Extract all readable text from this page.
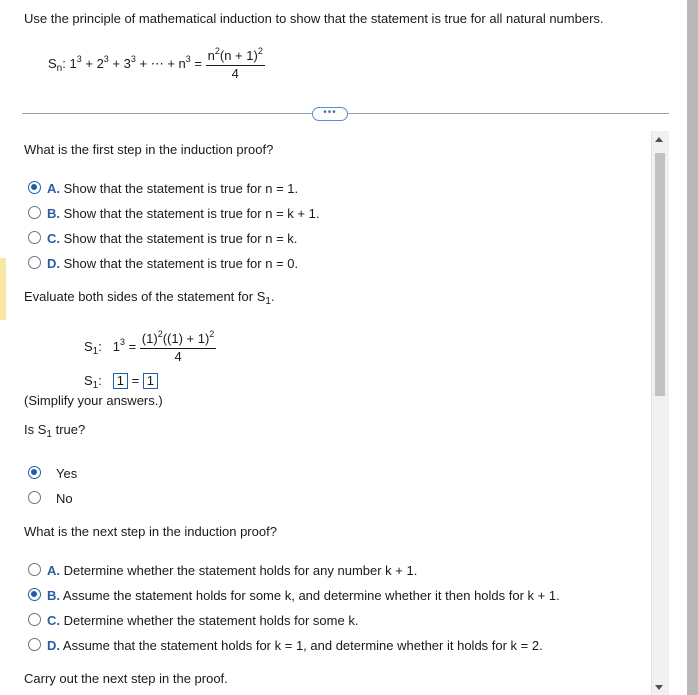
Use the principle of mathematical induction to show that the statement is true for all natural numbers.
$S_n$: $1^3 + 2^3 + 3^3$ + ⋯ + $n^3 = \frac{n^2(n + 1)^2}{4}$
•••
What is the first step in the induction proof?
A. Show that the statement is true for n = 1.
B. Show that the statement is true for n = k + 1.
C. Show that the statement is true for n = k.
D. Show that the statement is true for n = 0.
Evaluate both sides of the statement for $S_1$.
$S_1$: $1^3 = \frac{(1)^2((1) + 1)^2}{4}$
$S_1$: 1 = 1
(Simplify your answers.)
Is $S_1$ true?
Yes
No
What is the next step in the induction proof?
A. Determine whether the statement holds for any number k + 1.
B. Assume the statement holds for some k, and determine whether it then holds for k + 1.
C. Determine whether the statement holds for some k.
D. Assume that the statement holds for k = 1, and determine whether it holds for k = 2.
Carry out the next step in the proof.
